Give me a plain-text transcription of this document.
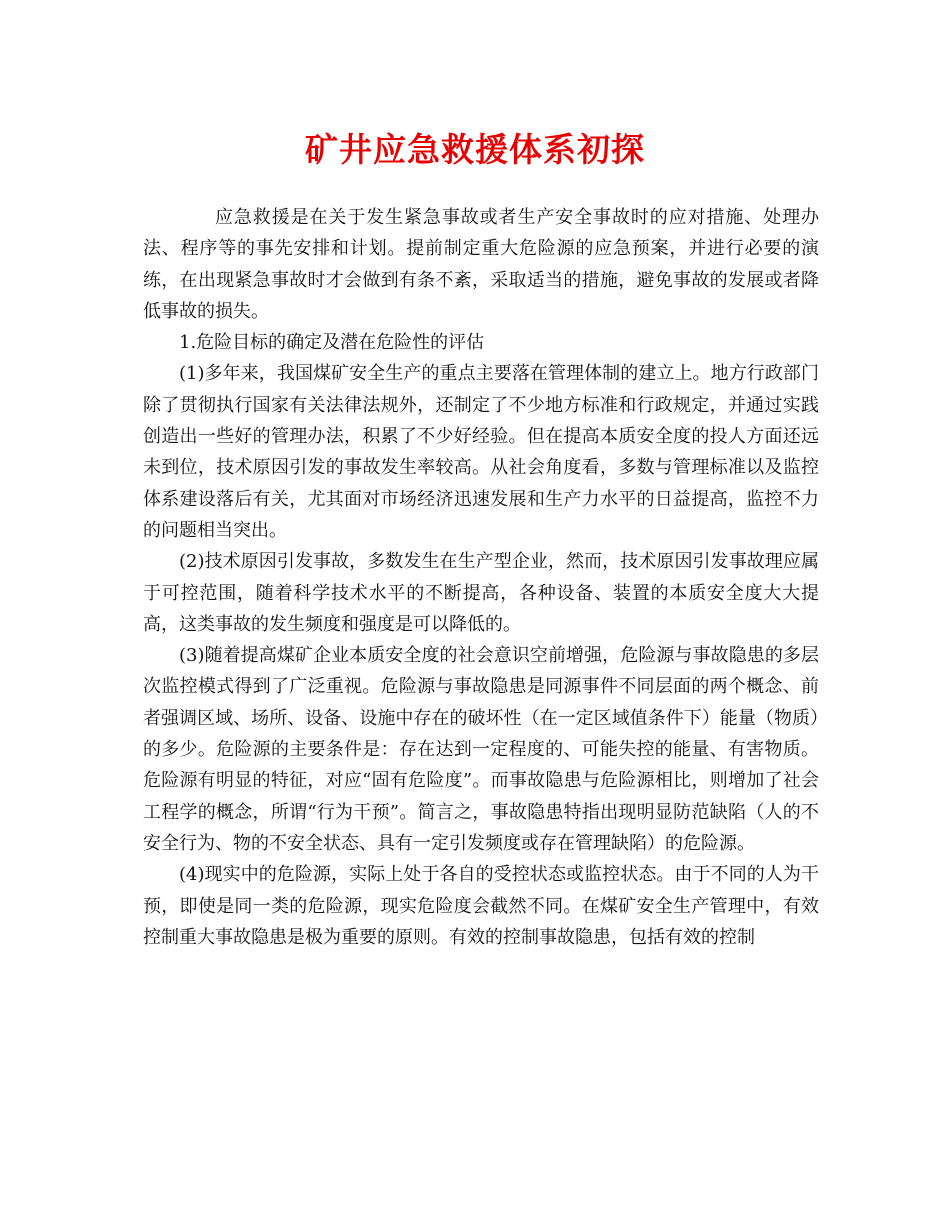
矿井应急救援体系初探

应急救援是在关于发生紧急事故或者生产安全事故时的应对措施、处理办法、程序等的事先安排和计划。提前制定重大危险源的应急预案，并进行必要的演练，在出现紧急事故时才会做到有条不紊，采取适当的措施，避免事故的发展或者降低事故的损失。

1.危险目标的确定及潜在危险性的评估

(1)多年来，我国煤矿安全生产的重点主要落在管理体制的建立上。地方行政部门除了贯彻执行国家有关法律法规外，还制定了不少地方标准和行政规定，并通过实践创造出一些好的管理办法，积累了不少好经验。但在提高本质安全度的投人方面还远未到位，技术原因引发的事故发生率较高。从社会角度看，多数与管理标准以及监控体系建设落后有关，尤其面对市场经济迅速发展和生产力水平的日益提高，监控不力的问题相当突出。

(2)技术原因引发事故，多数发生在生产型企业，然而，技术原因引发事故理应属于可控范围，随着科学技术水平的不断提高，各种设备、装置的本质安全度大大提高，这类事故的发生频度和强度是可以降低的。

(3)随着提高煤矿企业本质安全度的社会意识空前增强，危险源与事故隐患的多层次监控模式得到了广泛重视。危险源与事故隐患是同源事件不同层面的两个概念、前者强调区域、场所、设备、设施中存在的破坏性（在一定区域值条件下）能量（物质）的多少。危险源的主要条件是：存在达到一定程度的、可能失控的能量、有害物质。危险源有明显的特征，对应“固有危险度”。而事故隐患与危险源相比，则增加了社会工程学的概念，所谓“行为干预”。简言之，事故隐患特指出现明显防范缺陷（人的不安全行为、物的不安全状态、具有一定引发频度或存在管理缺陷）的危险源。

(4)现实中的危险源，实际上处于各自的受控状态或监控状态。由于不同的人为干预，即使是同一类的危险源，现实危险度会截然不同。在煤矿安全生产管理中，有效控制重大事故隐患是极为重要的原则。有效的控制事故隐患，包括有效的控制
